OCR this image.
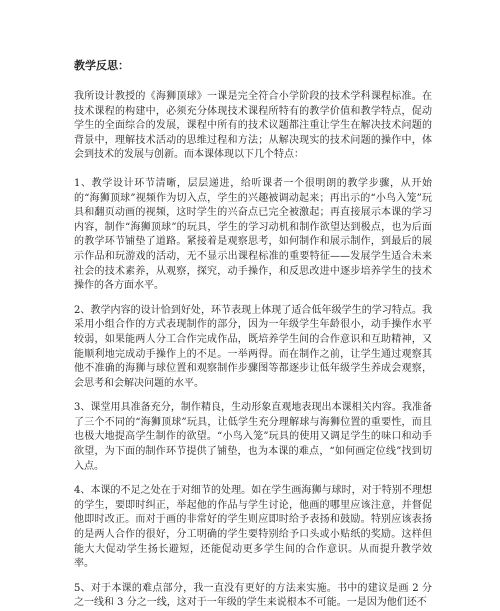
教学反思：

我所设计教授的《海狮顶球》一课是完全符合小学阶段的技术学科课程标准。在技术课程的构建中，必须充分体现技术课程所特有的教学价值和教学特点，促动学生的全面综合的发展，课程中所有的技术议题都注重让学生在解决技术问题的背景中，理解技术活动的思维过程和方法；从解决现实的技术问题的操作中，体会到技术的发展与创新。而本课体现以下几个特点：

1、教学设计环节清晰，层层递进，给听课者一个很明朗的教学步骤，从开始的“海狮顶球”视频作为切入点，学生的兴趣被调动起来；再出示的“小鸟入笼”玩具和翻页动画的视频，这时学生的兴奋点已完全被激起；再直接展示本课的学习内容，制作“海狮顶球”的玩具，学生的学习动机和制作欲望达到极点，也为后面的教学环节铺垫了道路。紧接着是观察思考，如何制作和展示制作，到最后的展示作品和玩游戏的活动，无不显示出课程标准的重要特征——发展学生适合未来社会的技术素养，从观察，探究，动手操作，和反思改进中逐步培养学生的技术操作的各方面水平。

2、教学内容的设计恰到好处，环节表现上体现了适合低年级学生的学习特点。我采用小组合作的方式表现制作的部分，因为一年级学生年龄很小，动手操作水平较弱，如果能两人分工合作完成作品，既培养学生间的合作意识和互助精神，又能顺利地完成动手操作上的不足。一举两得。而在制作之前，让学生通过观察其他不准确的海狮与球位置和观察制作步骤图等都逐步让低年级学生养成会观察，会思考和会解决问题的水平。

3、课堂用具准备充分，制作精良，生动形象直观地表现出本课相关内容。我准备了三个不同的“海狮顶球”玩具，让低学生充分理解球与海狮位置的重要性，而且也极大地提高学生制作的欲望。“小鸟入笼”玩具的使用又调足学生的味口和动手欲望，为下面的制作环节提供了铺垫，也为本课的难点，“如何画定位线”找到切入点。

4、本课的不足之处在于对细节的处理。如在学生画海狮与球时，对于特别不理想的学生，要即时纠正，举起他的作品与学生讨论，他画的哪里应该注意，并督促他即时改正。而对于画的非常好的学生则应即时给予表扬和鼓励。特别应该表扬的是两人合作的很好，分工明确的学生要特别给予口头或小贴纸的奖励。这样但能大大促动学生扬长避短，还能促动更多学生间的合作意识。从而提升教学效率。

5、对于本课的难点部分，我一直没有更好的方法来实施。书中的建议是画 2 分之一线和 3 分之一线，这对于一年级的学生来说根本不可能。一是因为他们还不
